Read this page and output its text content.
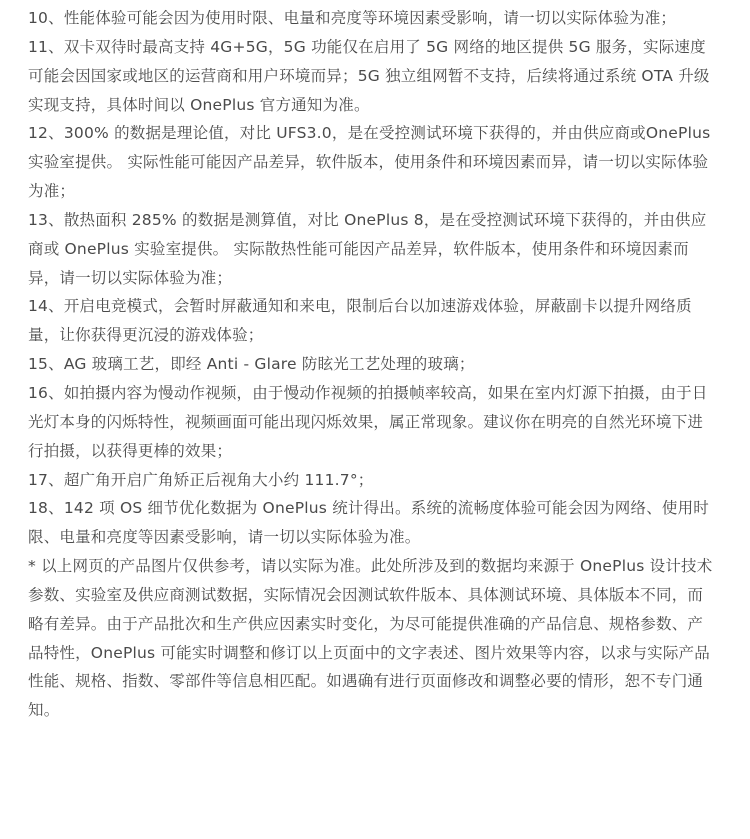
10、性能体验可能会因为使用时限、电量和亮度等环境因素受影响，请一切以实际体验为准；

11、双卡双待时最高支持 4G+5G，5G 功能仅在启用了 5G 网络的地区提供 5G 服务，实际速度可能会因国家或地区的运营商和用户环境而异；5G 独立组网暂不支持，后续将通过系统 OTA 升级实现支持，具体时间以 OnePlus 官方通知为准。

12、300% 的数据是理论值，对比 UFS3.0，是在受控测试环境下获得的，并由供应商或OnePlus 实验室提供。 实际性能可能因产品差异，软件版本，使用条件和环境因素而异，请一切以实际体验为准；

13、散热面积 285% 的数据是测算值，对比 OnePlus 8，是在受控测试环境下获得的，并由供应商或 OnePlus 实验室提供。 实际散热性能可能因产品差异，软件版本，使用条件和环境因素而异，请一切以实际体验为准；

14、开启电竞模式，会暂时屏蔽通知和来电，限制后台以加速游戏体验，屏蔽副卡以提升网络质量，让你获得更沉浸的游戏体验；

15、AG 玻璃工艺，即经 Anti - Glare 防眩光工艺处理的玻璃；

16、如拍摄内容为慢动作视频，由于慢动作视频的拍摄帧率较高，如果在室内灯源下拍摄，由于日光灯本身的闪烁特性，视频画面可能出现闪烁效果，属正常现象。建议你在明亮的自然光环境下进行拍摄，以获得更棒的效果；

17、超广角开启广角矫正后视角大小约 111.7°；

18、142 项 OS 细节优化数据为 OnePlus 统计得出。系统的流畅度体验可能会因为网络、使用时限、电量和亮度等因素受影响，请一切以实际体验为准。

* 以上网页的产品图片仅供参考，请以实际为准。此处所涉及到的数据均来源于 OnePlus 设计技术参数、实验室及供应商测试数据，实际情况会因测试软件版本、具体测试环境、具体版本不同，而略有差异。由于产品批次和生产供应因素实时变化，为尽可能提供准确的产品信息、规格参数、产品特性，OnePlus 可能实时调整和修订以上页面中的文字表述、图片效果等内容，以求与实际产品性能、规格、指数、零部件等信息相匹配。如遇确有进行页面修改和调整必要的情形，恕不专门通知。
